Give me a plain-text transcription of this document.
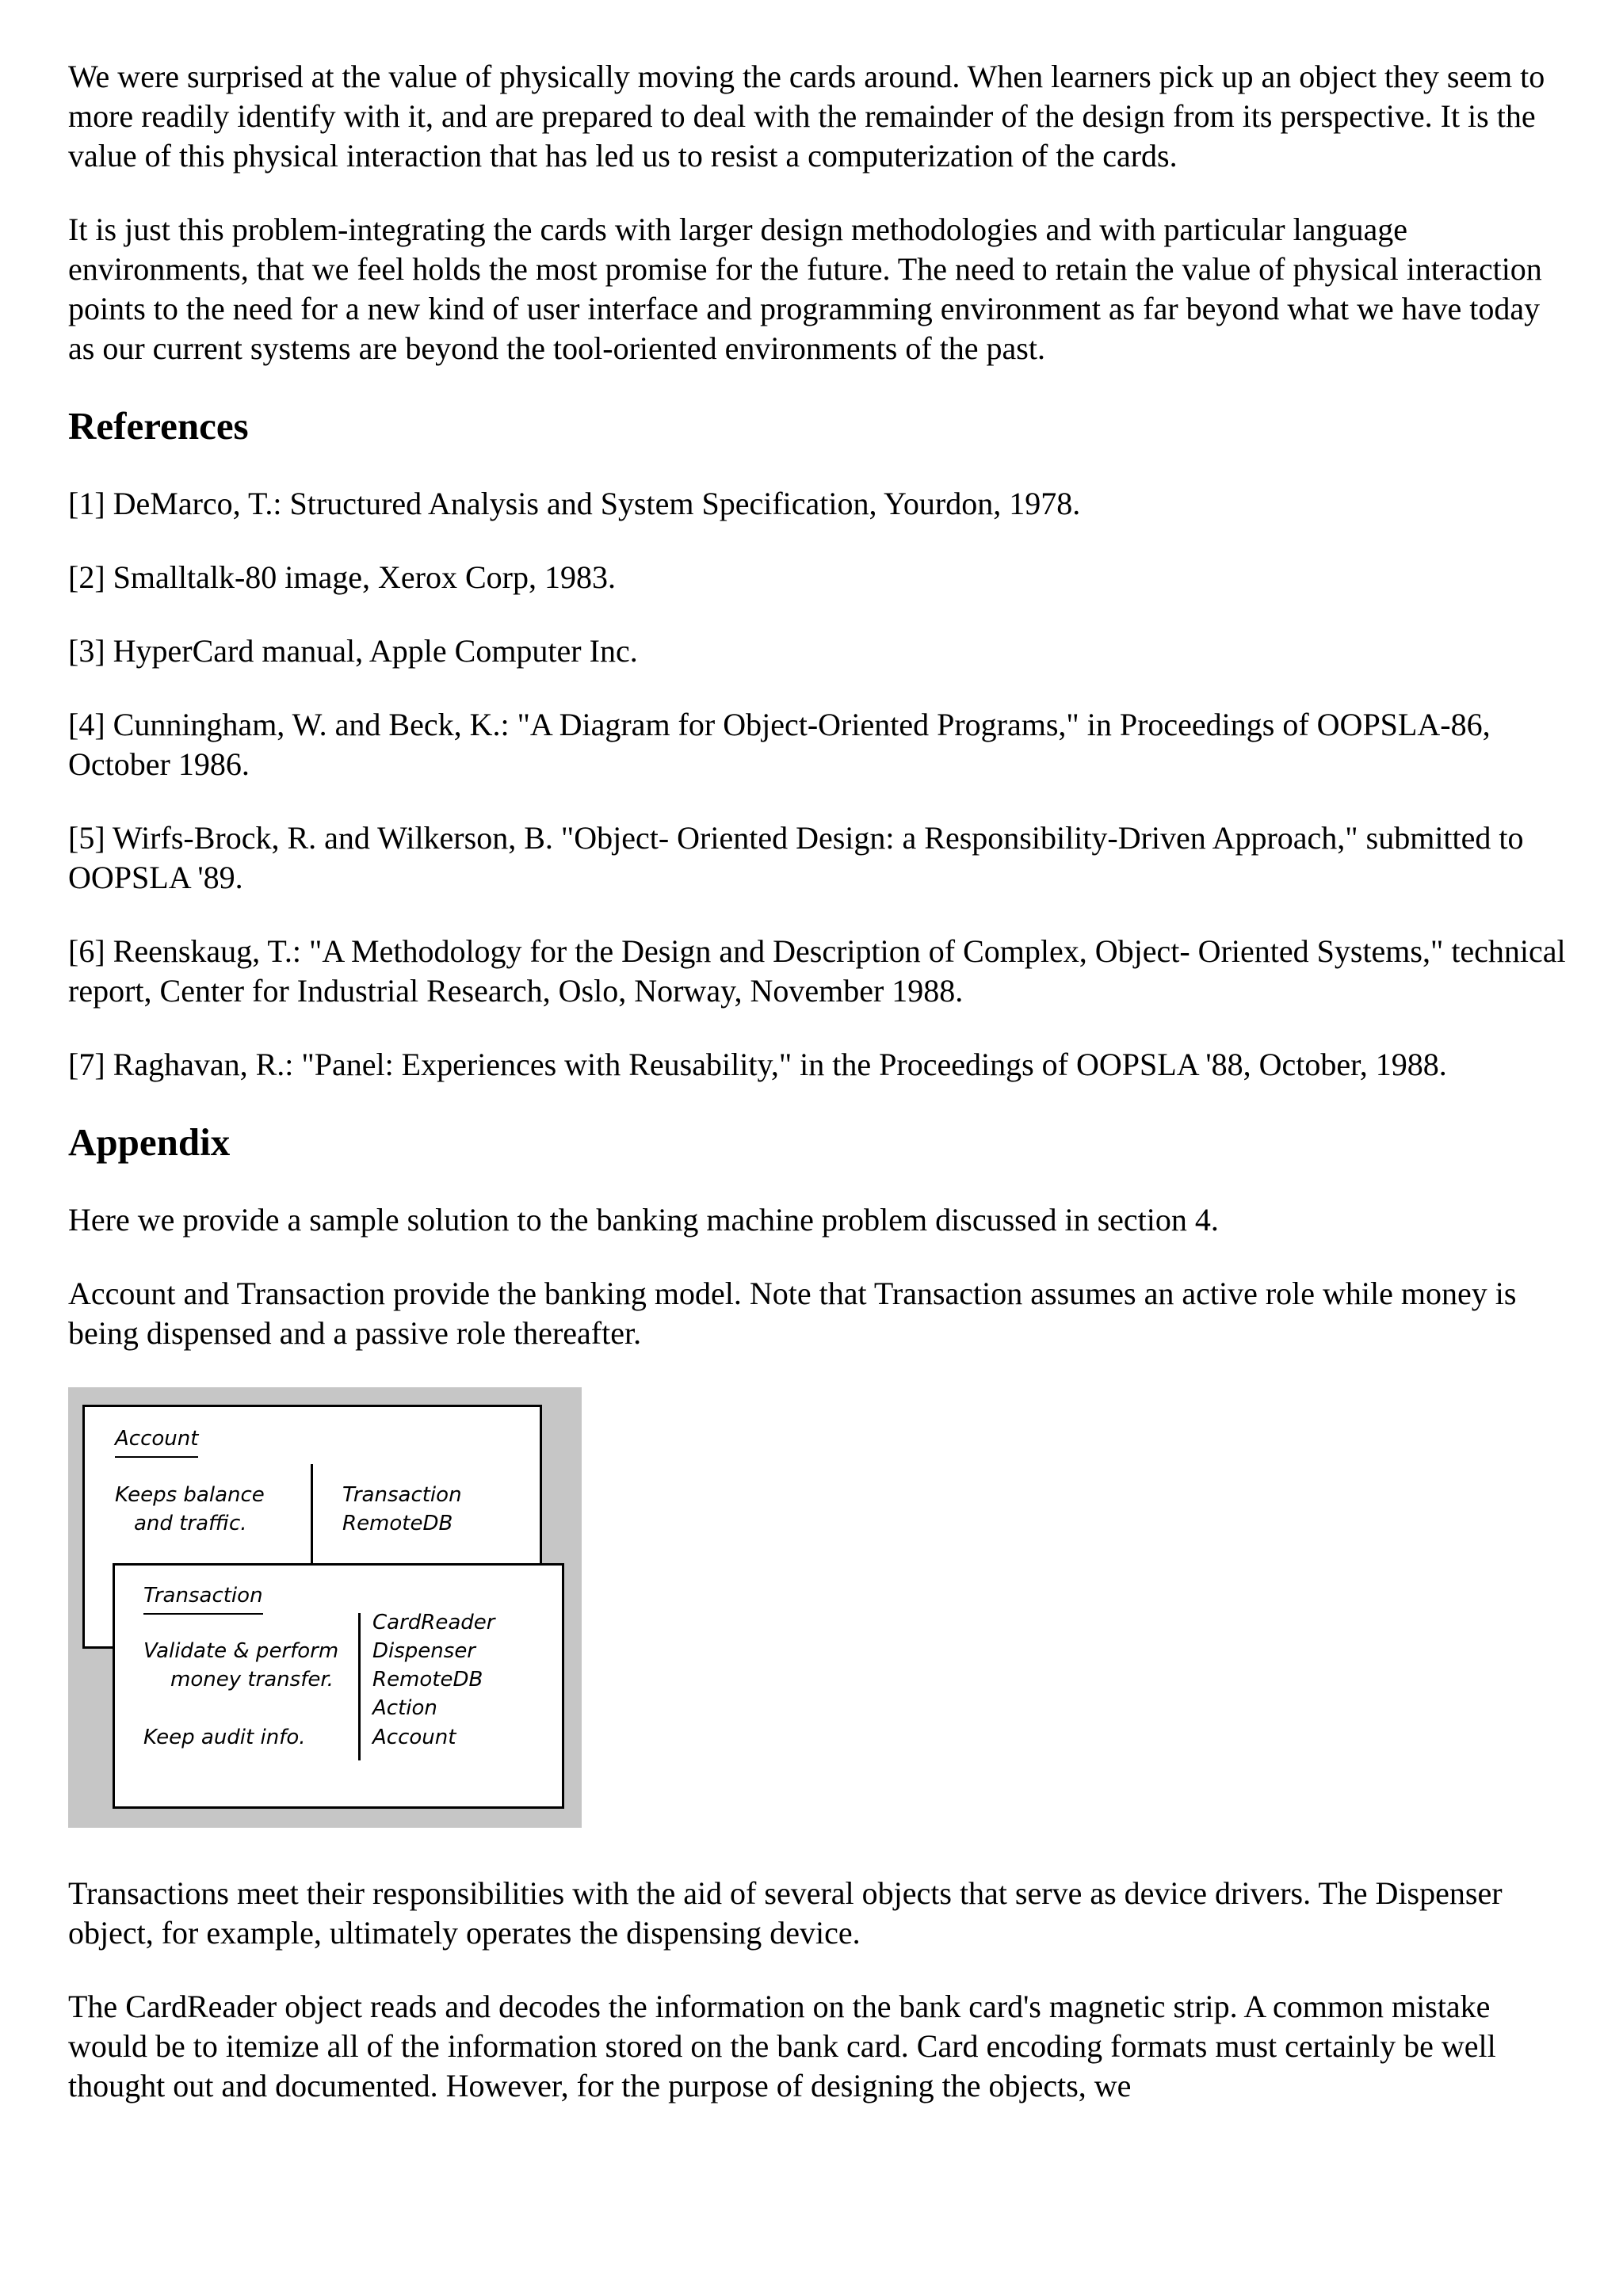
We were surprised at the value of physically moving the cards around. When learners pick up an object they seem to more readily identify with it, and are prepared to deal with the remainder of the design from its perspective. It is the value of this physical interaction that has led us to resist a computerization of the cards.

It is just this problem-integrating the cards with larger design methodologies and with particular language environments, that we feel holds the most promise for the future. The need to retain the value of physical interaction points to the need for a new kind of user interface and programming environment as far beyond what we have today as our current systems are beyond the tool-oriented environments of the past.

References

[1] DeMarco, T.: Structured Analysis and System Specification, Yourdon, 1978.

[2] Smalltalk-80 image, Xerox Corp, 1983.

[3] HyperCard manual, Apple Computer Inc.

[4] Cunningham, W. and Beck, K.: "A Diagram for Object-Oriented Programs," in Proceedings of OOPSLA-86, October 1986.

[5] Wirfs-Brock, R. and Wilkerson, B. "Object- Oriented Design: a Responsibility-Driven Approach," submitted to OOPSLA '89.

[6] Reenskaug, T.: "A Methodology for the Design and Description of Complex, Object- Oriented Systems," technical report, Center for Industrial Research, Oslo, Norway, November 1988.

[7] Raghavan, R.: "Panel: Experiences with Reusability," in the Proceedings of OOPSLA '88, October, 1988.

Appendix

Here we provide a sample solution to the banking machine problem discussed in section 4.

Account and Transaction provide the banking model. Note that Transaction assumes an active role while money is being dispensed and a passive role thereafter.

Account
Keeps balance
and traffic.
Transaction
RemoteDB
Transaction
Validate & perform
money transfer.
Keep audit info.
CardReader
Dispenser
RemoteDB
Action
Account

Transactions meet their responsibilities with the aid of several objects that serve as device drivers. The Dispenser object, for example, ultimately operates the dispensing device.

The CardReader object reads and decodes the information on the bank card's magnetic strip. A common mistake would be to itemize all of the information stored on the bank card. Card encoding formats must certainly be well thought out and documented. However, for the purpose of designing the objects, we
